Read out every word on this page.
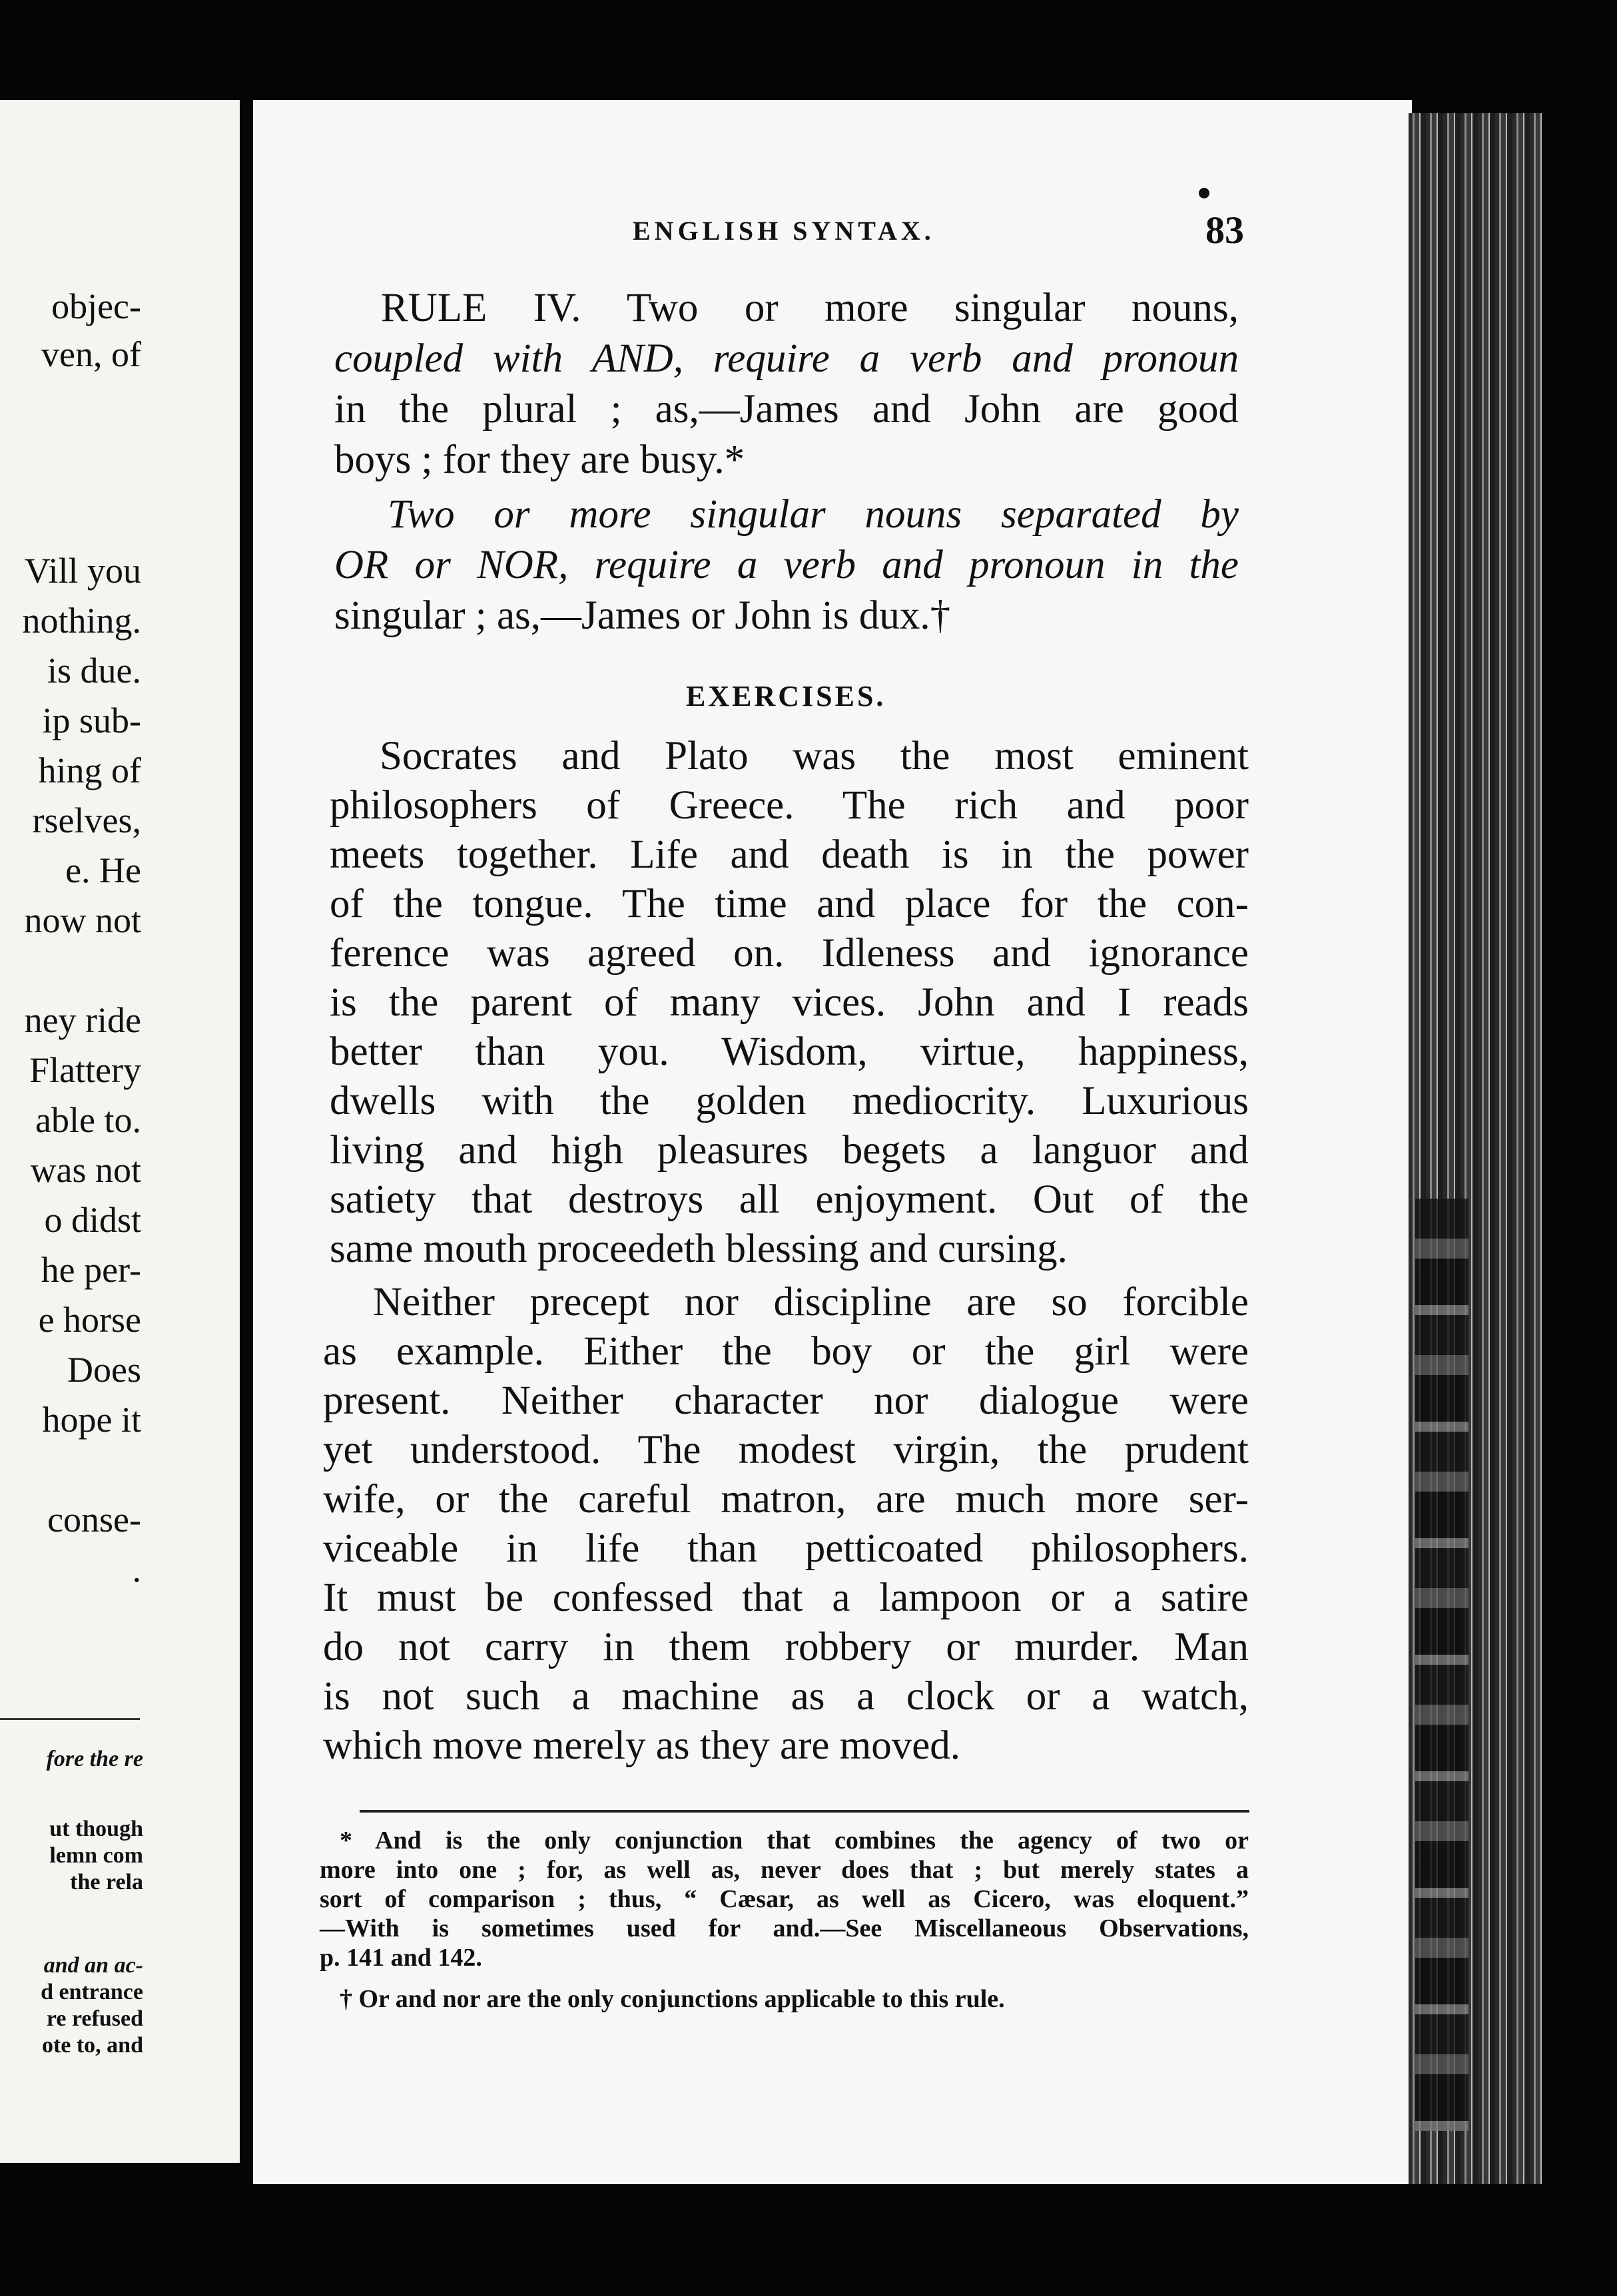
objec-
ven, of
Vill you
nothing.
is due.
ip sub-
hing of
rselves,
e. He
now not
ney ride
Flattery
able to.
was not
o didst
he per-
e horse
Does
hope it
conse-
.
fore the re
ut though
lemn com
the rela
and an ac-
d entrance
re refused
ote to, and
ENGLISH SYNTAX.	83
RULE IV. Two or more singular nouns,
coupled with AND, require a verb and pronoun
in the plural ; as,—James and John are good
boys ; for they are busy.*
Two or more singular nouns separated by
OR or NOR, require a verb and pronoun in the
singular ; as,—James or John is dux.†
EXERCISES.
Socrates and Plato was the most eminent
philosophers of Greece. The rich and poor
meets together. Life and death is in the power
of the tongue. The time and place for the con-
ference was agreed on. Idleness and ignorance
is the parent of many vices. John and I reads
better than you. Wisdom, virtue, happiness,
dwells with the golden mediocrity. Luxurious
living and high pleasures begets a languor and
satiety that destroys all enjoyment. Out of the
same mouth proceedeth blessing and cursing.
Neither precept nor discipline are so forcible
as example. Either the boy or the girl were
present. Neither character nor dialogue were
yet understood. The modest virgin, the prudent
wife, or the careful matron, are much more ser-
viceable in life than petticoated philosophers.
It must be confessed that a lampoon or a satire
do not carry in them robbery or murder. Man
is not such a machine as a clock or a watch,
which move merely as they are moved.
* And is the only conjunction that combines the agency of two or
more into one ; for, as well as, never does that ; but merely states a
sort of comparison ; thus, “ Cæsar, as well as Cicero, was eloquent.”
—With is sometimes used for and.—See Miscellaneous Observations,
p. 141 and 142.
† Or and nor are the only conjunctions applicable to this rule.
